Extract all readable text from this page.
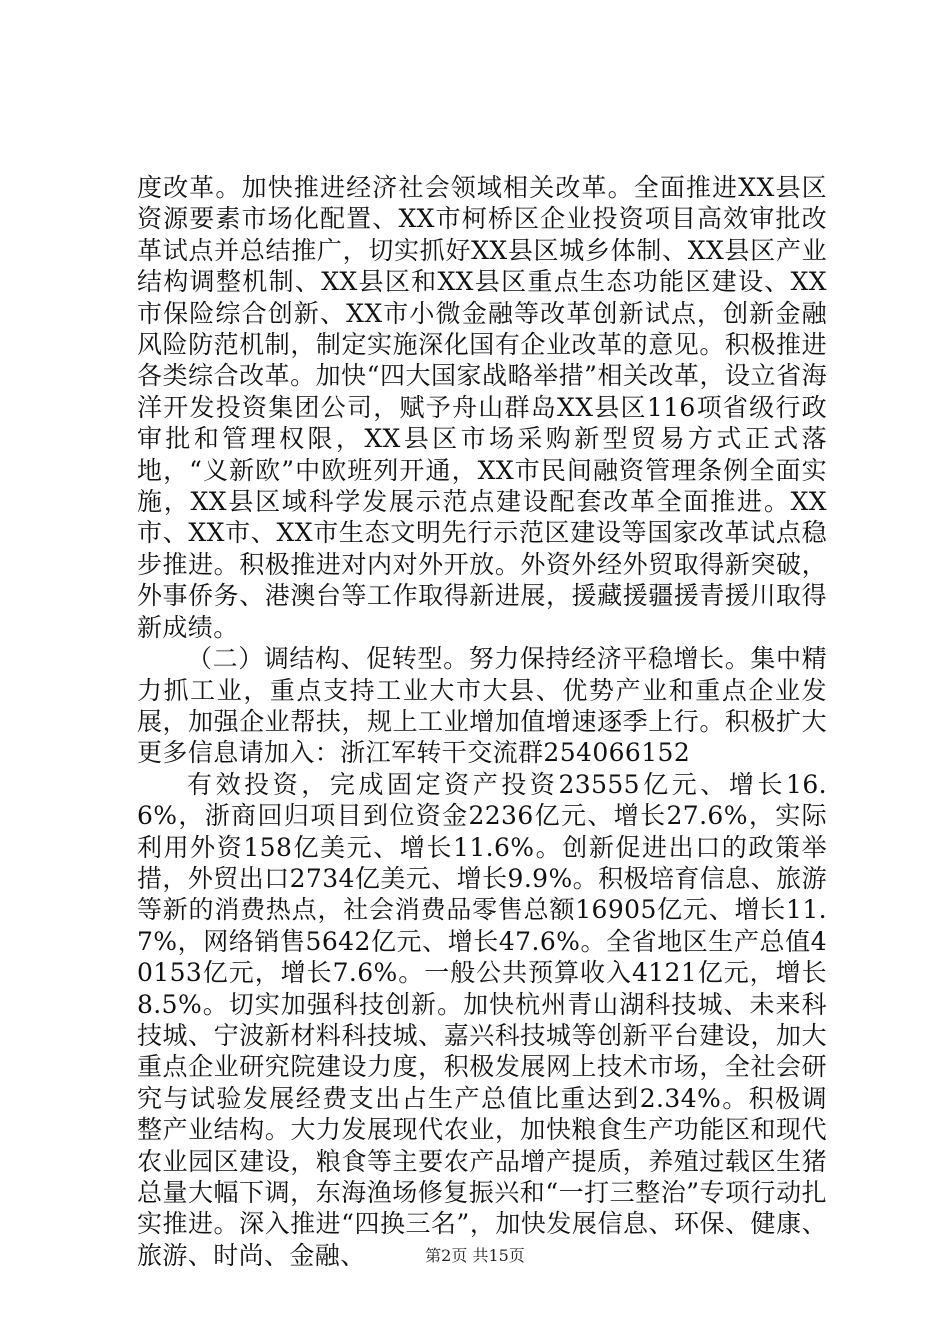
度改革。加快推进经济社会领域相关改革。全面推进XX县区资源要素市场化配置、XX市柯桥区企业投资项目高效审批改革试点并总结推广，切实抓好XX县区城乡体制、XX县区产业结构调整机制、XX县区和XX县区重点生态功能区建设、XX市保险综合创新、XX市小微金融等改革创新试点，创新金融风险防范机制，制定实施深化国有企业改革的意见。积极推进各类综合改革。加快“四大国家战略举措”相关改革，设立省海洋开发投资集团公司，赋予舟山群岛XX县区116项省级行政审批和管理权限，XX县区市场采购新型贸易方式正式落地，“义新欧”中欧班列开通，XX市民间融资管理条例全面实施，XX县区域科学发展示范点建设配套改革全面推进。XX市、XX市、XX市生态文明先行示范区建设等国家改革试点稳步推进。积极推进对内对外开放。外资外经外贸取得新突破，外事侨务、港澳台等工作取得新进展，援藏援疆援青援川取得新成绩。

（二）调结构、促转型。努力保持经济平稳增长。集中精力抓工业，重点支持工业大市大县、优势产业和重点企业发展，加强企业帮扶，规上工业增加值增速逐季上行。积极扩大更多信息请加入：浙江军转干交流群254066152

有效投资，完成固定资产投资23555亿元、增长16.6%，浙商回归项目到位资金2236亿元、增长27.6%，实际利用外资158亿美元、增长11.6%。创新促进出口的政策举措，外贸出口2734亿美元、增长9.9%。积极培育信息、旅游等新的消费热点，社会消费品零售总额16905亿元、增长11.7%，网络销售5642亿元、增长47.6%。全省地区生产总值40153亿元，增长7.6%。一般公共预算收入4121亿元，增长8.5%。切实加强科技创新。加快杭州青山湖科技城、未来科技城、宁波新材料科技城、嘉兴科技城等创新平台建设，加大重点企业研究院建设力度，积极发展网上技术市场，全社会研究与试验发展经费支出占生产总值比重达到2.34%。积极调整产业结构。大力发展现代农业，加快粮食生产功能区和现代农业园区建设，粮食等主要农产品增产提质，养殖过载区生猪总量大幅下调，东海渔场修复振兴和“一打三整治”专项行动扎实推进。深入推进“四换三名”，加快发展信息、环保、健康、旅游、时尚、金融、	第2页 共15页
